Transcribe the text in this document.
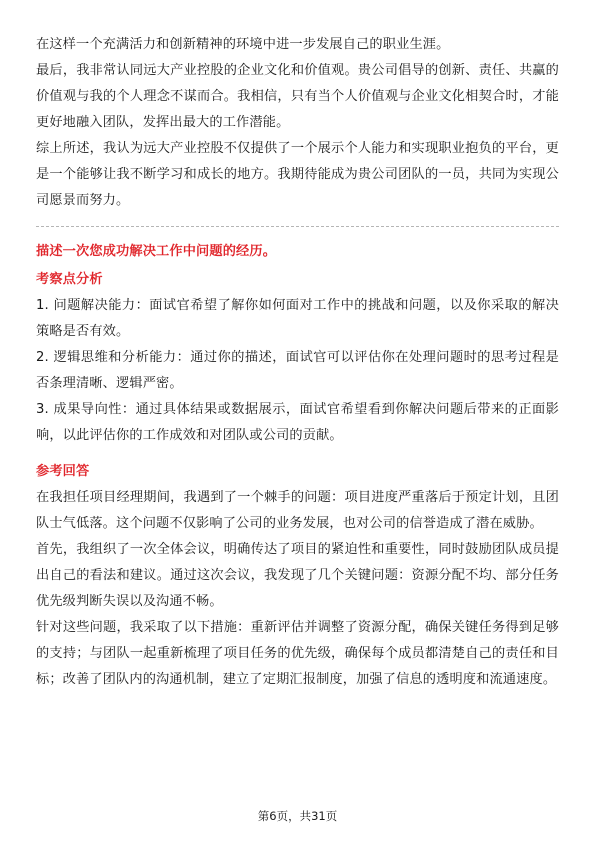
在这样一个充满活力和创新精神的环境中进一步发展自己的职业生涯。

最后，我非常认同远大产业控股的企业文化和价值观。贵公司倡导的创新、责任、共赢的价值观与我的个人理念不谋而合。我相信，只有当个人价值观与企业文化相契合时，才能更好地融入团队，发挥出最大的工作潜能。

综上所述，我认为远大产业控股不仅提供了一个展示个人能力和实现职业抱负的平台，更是一个能够让我不断学习和成长的地方。我期待能成为贵公司团队的一员，共同为实现公司愿景而努力。

描述一次您成功解决工作中问题的经历。

考察点分析

1. 问题解决能力：面试官希望了解你如何面对工作中的挑战和问题，以及你采取的解决策略是否有效。

2. 逻辑思维和分析能力：通过你的描述，面试官可以评估你在处理问题时的思考过程是否条理清晰、逻辑严密。

3. 成果导向性：通过具体结果或数据展示，面试官希望看到你解决问题后带来的正面影响，以此评估你的工作成效和对团队或公司的贡献。

参考回答

在我担任项目经理期间，我遇到了一个棘手的问题：项目进度严重落后于预定计划，且团队士气低落。这个问题不仅影响了公司的业务发展，也对公司的信誉造成了潜在威胁。

首先，我组织了一次全体会议，明确传达了项目的紧迫性和重要性，同时鼓励团队成员提出自己的看法和建议。通过这次会议，我发现了几个关键问题：资源分配不均、部分任务优先级判断失误以及沟通不畅。

针对这些问题，我采取了以下措施：重新评估并调整了资源分配，确保关键任务得到足够的支持；与团队一起重新梳理了项目任务的优先级，确保每个成员都清楚自己的责任和目标；改善了团队内的沟通机制，建立了定期汇报制度，加强了信息的透明度和流通速度。

第6页，共31页
